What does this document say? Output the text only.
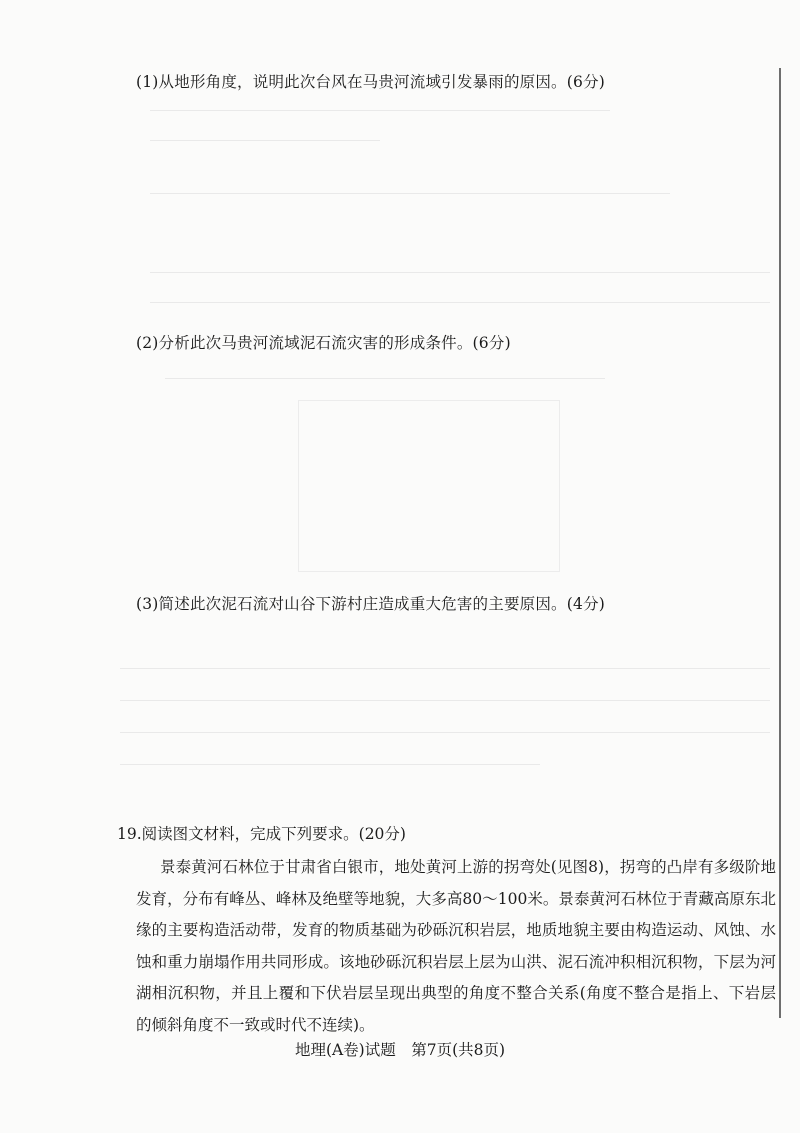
(1)从地形角度，说明此次台风在马贵河流域引发暴雨的原因。(6分)
(2)分析此次马贵河流域泥石流灾害的形成条件。(6分)
(3)简述此次泥石流对山谷下游村庄造成重大危害的主要原因。(4分)
19.阅读图文材料，完成下列要求。(20分)
景泰黄河石林位于甘肃省白银市，地处黄河上游的拐弯处(见图8)，拐弯的凸岸有多级阶地发育，分布有峰丛、峰林及绝壁等地貌，大多高80～100米。景泰黄河石林位于青藏高原东北缘的主要构造活动带，发育的物质基础为砂砾沉积岩层，地质地貌主要由构造运动、风蚀、水蚀和重力崩塌作用共同形成。该地砂砾沉积岩层上层为山洪、泥石流冲积相沉积物，下层为河湖相沉积物，并且上覆和下伏岩层呈现出典型的角度不整合关系(角度不整合是指上、下岩层的倾斜角度不一致或时代不连续)。
地理(A卷)试题　第7页(共8页)
